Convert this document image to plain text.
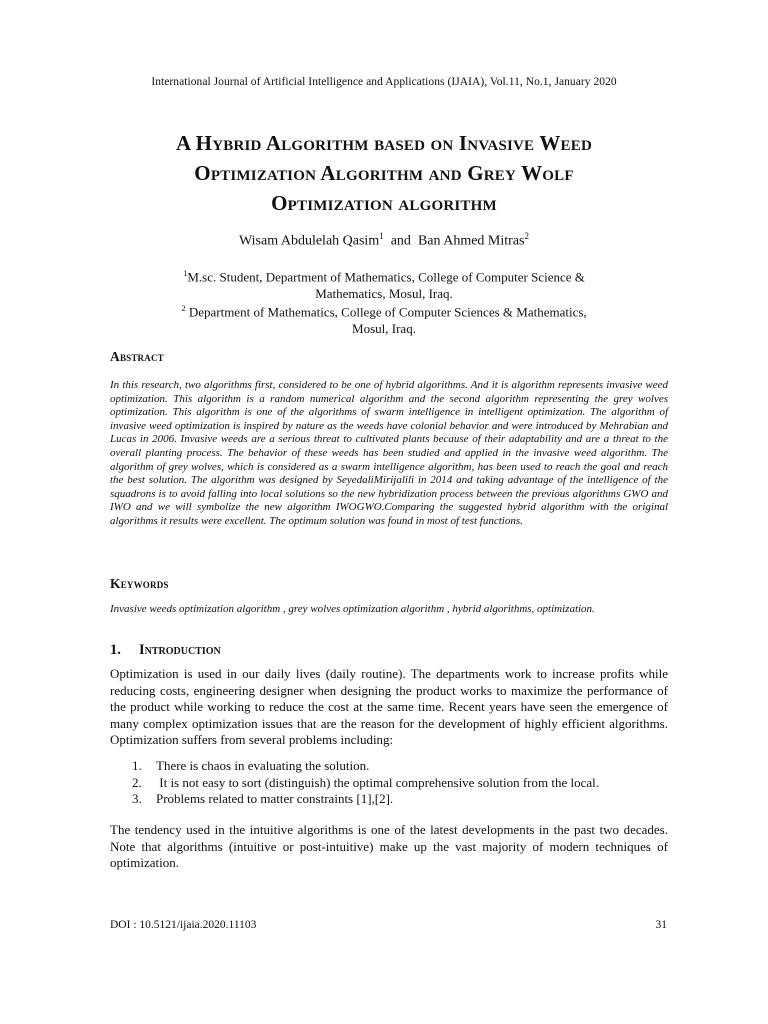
International Journal of Artificial Intelligence and Applications (IJAIA), Vol.11, No.1, January 2020
A Hybrid Algorithm based on Invasive Weed
Optimization Algorithm and Grey Wolf
Optimization algorithm
Wisam Abdulelah Qasim$^1$ and Ban Ahmed Mitras$^2$
$^1$M.sc. Student, Department of Mathematics, College of Computer Science &
Mathematics, Mosul, Iraq.
$^2$ Department of Mathematics, College of Computer Sciences & Mathematics,
Mosul, Iraq.
Abstract
In this research, two algorithms first, considered to be one of hybrid algorithms. And it is algorithm represents invasive weed optimization. This algorithm is a random numerical algorithm and the second algorithm representing the grey wolves optimization. This algorithm is one of the algorithms of swarm intelligence in intelligent optimization. The algorithm of invasive weed optimization is inspired by nature as the weeds have colonial behavior and were introduced by Mehrabian and Lucas in 2006. Invasive weeds are a serious threat to cultivated plants because of their adaptability and are a threat to the overall planting process. The behavior of these weeds has been studied and applied in the invasive weed algorithm. The algorithm of grey wolves, which is considered as a swarm intelligence algorithm, has been used to reach the goal and reach the best solution. The algorithm was designed by SeyedaliMirijalili in 2014 and taking advantage of the intelligence of the squadrons is to avoid falling into local solutions so the new hybridization process between the previous algorithms GWO and IWO and we will symbolize the new algorithm IWOGWO.Comparing the suggested hybrid algorithm with the original algorithms it results were excellent. The optimum solution was found in most of test functions.
Keywords
Invasive weeds optimization algorithm , grey wolves optimization algorithm , hybrid algorithms, optimization.
1. Introduction
Optimization is used in our daily lives (daily routine). The departments work to increase profits while reducing costs, engineering designer when designing the product works to maximize the performance of the product while working to reduce the cost at the same time. Recent years have seen the emergence of many complex optimization issues that are the reason for the development of highly efficient algorithms. Optimization suffers from several problems including:
1.	There is chaos in evaluating the solution.
2.	It is not easy to sort (distinguish) the optimal comprehensive solution from the local.
3.	Problems related to matter constraints [1],[2].
The tendency used in the intuitive algorithms is one of the latest developments in the past two decades. Note that algorithms (intuitive or post-intuitive) make up the vast majority of modern techniques of optimization.
DOI : 10.5121/ijaia.2020.11103	31
